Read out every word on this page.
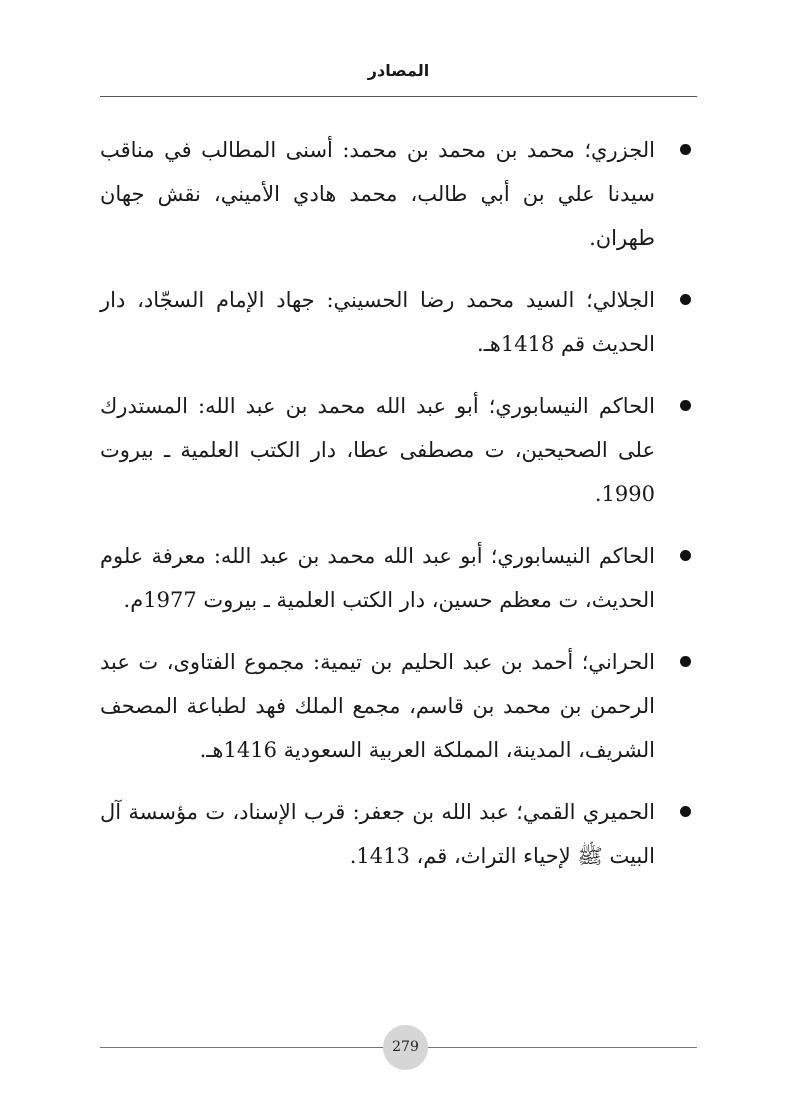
المصادر
الجزري؛ محمد بن محمد بن محمد: أسنى المطالب في مناقب سيدنا علي بن أبي طالب، محمد هادي الأميني، نقش جهان طهران.
الجلالي؛ السيد محمد رضا الحسيني: جهاد الإمام السجّاد، دار الحديث قم 1418هـ.
الحاكم النيسابوري؛ أبو عبد الله محمد بن عبد الله: المستدرك على الصحيحين، ت مصطفى عطا، دار الكتب العلمية ـ بيروت 1990.
الحاكم النيسابوري؛ أبو عبد الله محمد بن عبد الله: معرفة علوم الحديث، ت معظم حسين، دار الكتب العلمية ـ بيروت 1977م.
الحراني؛ أحمد بن عبد الحليم بن تيمية: مجموع الفتاوى، ت عبد الرحمن بن محمد بن قاسم، مجمع الملك فهد لطباعة المصحف الشريف، المدينة، المملكة العربية السعودية 1416هـ.
الحميري القمي؛ عبد الله بن جعفر: قرب الإسناد، ت مؤسسة آل البيت ﷺ لإحياء التراث، قم، 1413.
279
